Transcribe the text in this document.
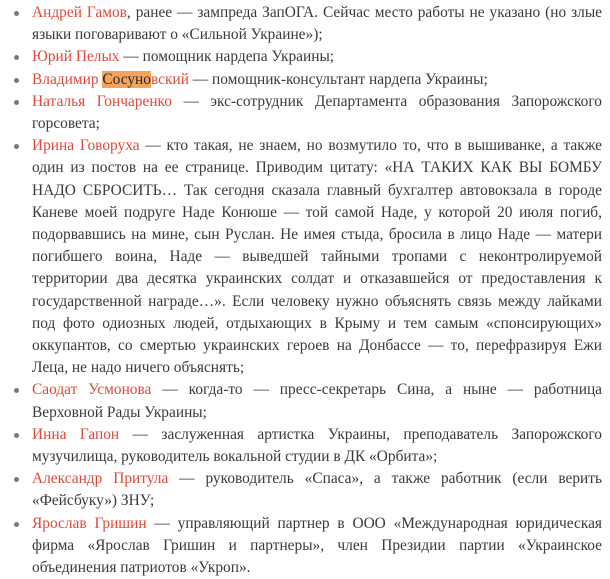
Андрей Гамов, ранее — зампреда ЗапОГА. Сейчас место работы не указано (но злые языки поговаривают о «Сильной Украине»);
Юрий Пелых — помощник нардепа Украины;
Владимир Сосуновский — помощник-консультант нардепа Украины;
Наталья Гончаренко — экс-сотрудник Департамента образования Запорожского горсовета;
Ирина Говоруха — кто такая, не знаем, но возмутило то, что в вышиванке, а также один из постов на ее странице. Приводим цитату: «НА ТАКИХ КАК ВЫ БОМБУ НАДО СБРОСИТЬ… Так сегодня сказала главный бухгалтер автовокзала в городе Каневе моей подруге Наде Конюше — той самой Наде, у которой 20 июля погиб, подорвавшись на мине, сын Руслан. Не имея стыда, бросила в лицо Наде — матери погибшего воина, Наде — выведшей тайными тропами с неконтролируемой территории два десятка украинских солдат и отказавшейся от предоставления к государственной награде…». Если человеку нужно объяснять связь между лайками под фото одиозных людей, отдыхающих в Крыму и тем самым «спонсирующих» оккупантов, со смертью украинских героев на Донбассе — то, перефразируя Ежи Леца, не надо ничего объяснять;
Саодат Усмонова — когда-то — пресс-секретарь Сина, а ныне — работница Верховной Рады Украины;
Инна Гапон — заслуженная артистка Украины, преподаватель Запорожского музучилища, руководитель вокальной студии в ДК «Орбита»;
Александр Притула — руководитель «Спаса», а также работник (если верить «Фейсбуку») ЗНУ;
Ярослав Гришин — управляющий партнер в ООО «Международная юридическая фирма «Ярослав Гришин и партнеры», член Президии партии «Украинское объединения патриотов «Укроп».
